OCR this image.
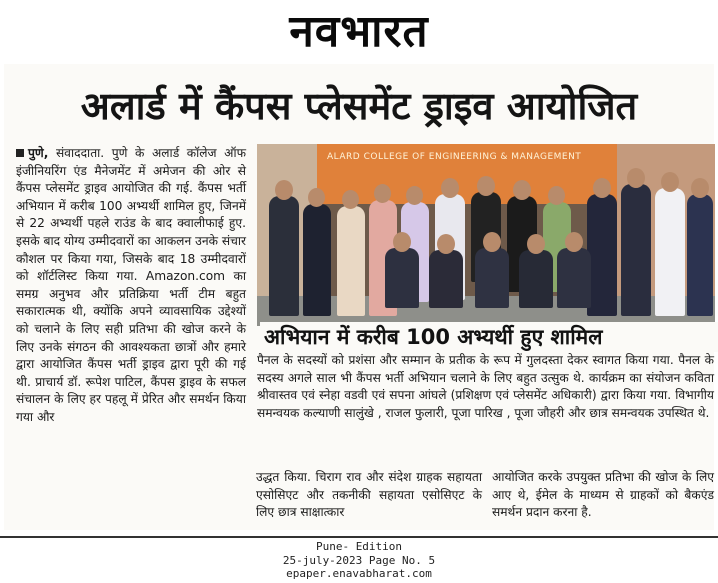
नवभारत
अलार्ड में कैंपस प्लेसमेंट ड्राइव आयोजित
पुणे, संवाददाता. पुणे के अलार्ड कॉलेज ऑफ इंजीनियरिंग एंड मैनेजमेंट में अमेजन की ओर से कैंपस प्लेसमेंट ड्राइव आयोजित की गई. कैंपस भर्ती अभियान में करीब 100 अभ्यर्थी शामिल हुए, जिनमें से 22 अभ्यर्थी पहले राउंड के बाद क्वालीफाई हुए. इसके बाद योग्य उम्मीदवारों का आकलन उनके संचार कौशल पर किया गया, जिसके बाद 18 उम्मीदवारों को शॉर्टलिस्ट किया गया. Amazon.com का समग्र अनुभव और प्रतिक्रिया भर्ती टीम बहुत सकारात्मक थी, क्योंकि अपने व्यावसायिक उद्देश्यों को चलाने के लिए सही प्रतिभा की खोज करने के लिए उनके संगठन की आवश्यकता छात्रों और हमारे द्वारा आयोजित कैंपस भर्ती ड्राइव द्वारा पूरी की गई थी. प्राचार्य डॉ. रूपेश पाटिल, कैंपस ड्राइव के सफल संचालन के लिए हर पहलू में प्रेरित और समर्थन किया गया और
ALARD COLLEGE OF ENGINEERING & MANAGEMENT
अभियान में करीब 100 अभ्यर्थी हुए शामिल
पैनल के सदस्यों को प्रशंसा और सम्मान के प्रतीक के रूप में गुलदस्ता देकर स्वागत किया गया. पैनल के सदस्य अगले साल भी कैंपस भर्ती अभियान चलाने के लिए बहुत उत्सुक थे. कार्यक्रम का संयोजन कविता श्रीवास्तव एवं स्नेहा वडवी एवं सपना आंघले (प्रशिक्षण एवं प्लेसमेंट अधिकारी) द्वारा किया गया. विभागीय समन्वयक कल्याणी सालुंखे , राजल फुलारी, पूजा पारिख , पूजा जौहरी और छात्र समन्वयक उपस्थित थे.
उद्धत किया. चिराग राव और संदेश ग्राहक सहायता एसोसिएट और तकनीकी सहायता एसोसिएट के लिए छात्र साक्षात्कार
आयोजित करके उपयुक्त प्रतिभा की खोज के लिए आए थे, ईमेल के माध्यम से ग्राहकों को बैकएंड समर्थन प्रदान करना है.
Pune- Edition
25-july-2023 Page No. 5
epaper.enavabharat.com
